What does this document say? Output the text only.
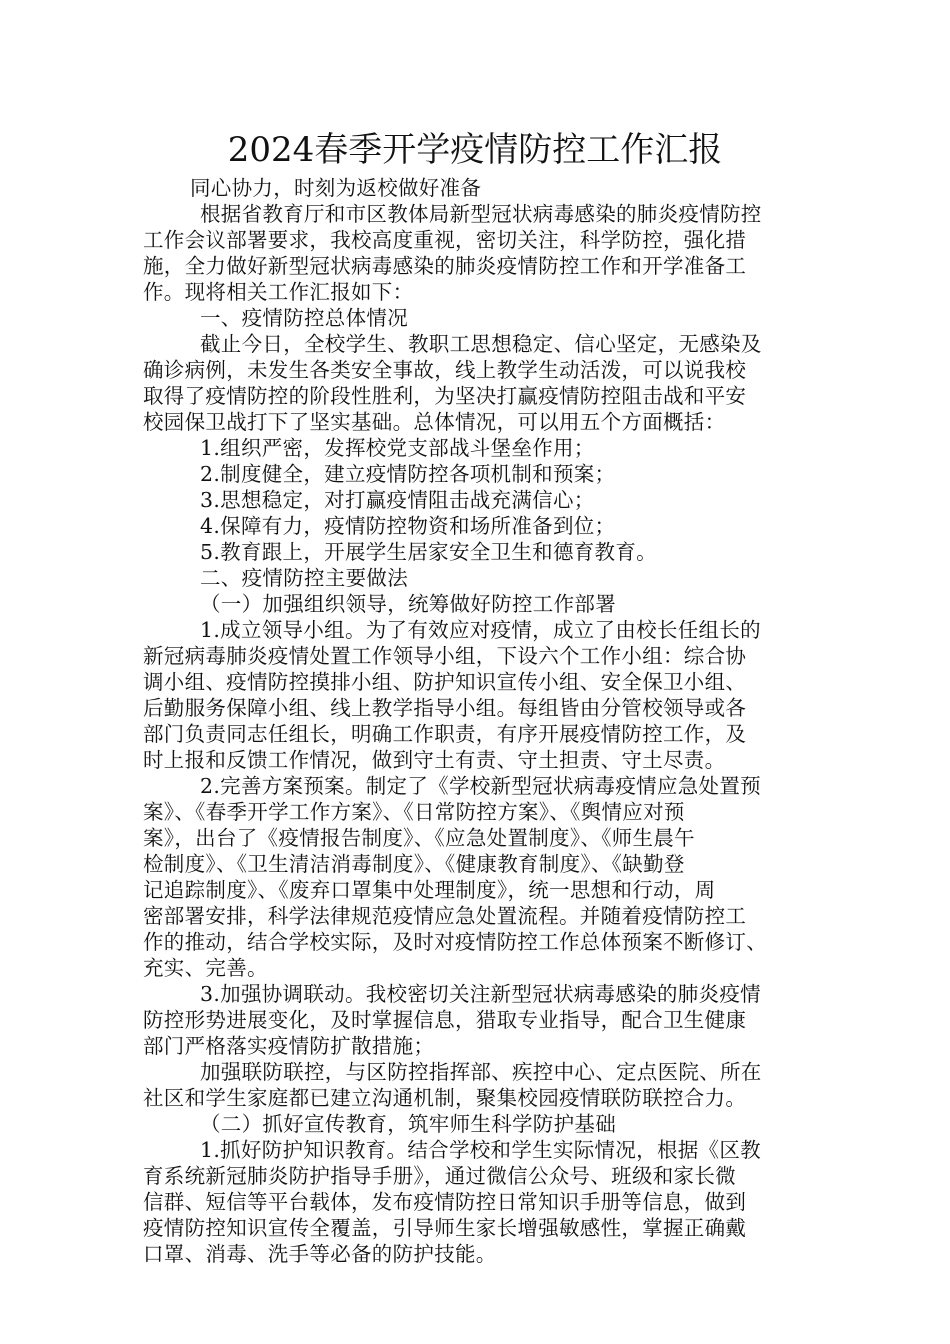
2024春季开学疫情防控工作汇报
同心协力，时刻为返校做好准备
根据省教育厅和市区教体局新型冠状病毒感染的肺炎疫情防控
工作会议部署要求，我校高度重视，密切关注，科学防控，强化措
施，全力做好新型冠状病毒感染的肺炎疫情防控工作和开学准备工
作。现将相关工作汇报如下：
一、疫情防控总体情况
截止今日，全校学生、教职工思想稳定、信心坚定，无感染及
确诊病例，未发生各类安全事故，线上教学生动活泼，可以说我校
取得了疫情防控的阶段性胜利，为坚决打赢疫情防控阻击战和平安
校园保卫战打下了坚实基础。总体情况，可以用五个方面概括：
1.组织严密，发挥校党支部战斗堡垒作用；
2.制度健全，建立疫情防控各项机制和预案；
3.思想稳定，对打赢疫情阻击战充满信心；
4.保障有力，疫情防控物资和场所准备到位；
5.教育跟上，开展学生居家安全卫生和德育教育。
二、疫情防控主要做法
（一）加强组织领导，统筹做好防控工作部署
1.成立领导小组。为了有效应对疫情，成立了由校长任组长的
新冠病毒肺炎疫情处置工作领导小组，下设六个工作小组：综合协
调小组、疫情防控摸排小组、防护知识宣传小组、安全保卫小组、
后勤服务保障小组、线上教学指导小组。每组皆由分管校领导或各
部门负责同志任组长，明确工作职责，有序开展疫情防控工作，及
时上报和反馈工作情况，做到守土有责、守土担责、守土尽责。
2.完善方案预案。制定了《学校新型冠状病毒疫情应急处置预
案》、《春季开学工作方案》、《日常防控方案》、《舆情应对预
案》，出台了《疫情报告制度》、《应急处置制度》、《师生晨午
检制度》、《卫生清洁消毒制度》、《健康教育制度》、《缺勤登
记追踪制度》、《废弃口罩集中处理制度》，统一思想和行动，周
密部署安排，科学法律规范疫情应急处置流程。并随着疫情防控工
作的推动，结合学校实际，及时对疫情防控工作总体预案不断修订、
充实、完善。
3.加强协调联动。我校密切关注新型冠状病毒感染的肺炎疫情
防控形势进展变化，及时掌握信息，猎取专业指导，配合卫生健康
部门严格落实疫情防扩散措施；
加强联防联控，与区防控指挥部、疾控中心、定点医院、所在
社区和学生家庭都已建立沟通机制，聚集校园疫情联防联控合力。
（二）抓好宣传教育，筑牢师生科学防护基础
1.抓好防护知识教育。结合学校和学生实际情况，根据《区教
育系统新冠肺炎防护指导手册》，通过微信公众号、班级和家长微
信群、短信等平台载体，发布疫情防控日常知识手册等信息，做到
疫情防控知识宣传全覆盖，引导师生家长增强敏感性，掌握正确戴
口罩、消毒、洗手等必备的防护技能。
